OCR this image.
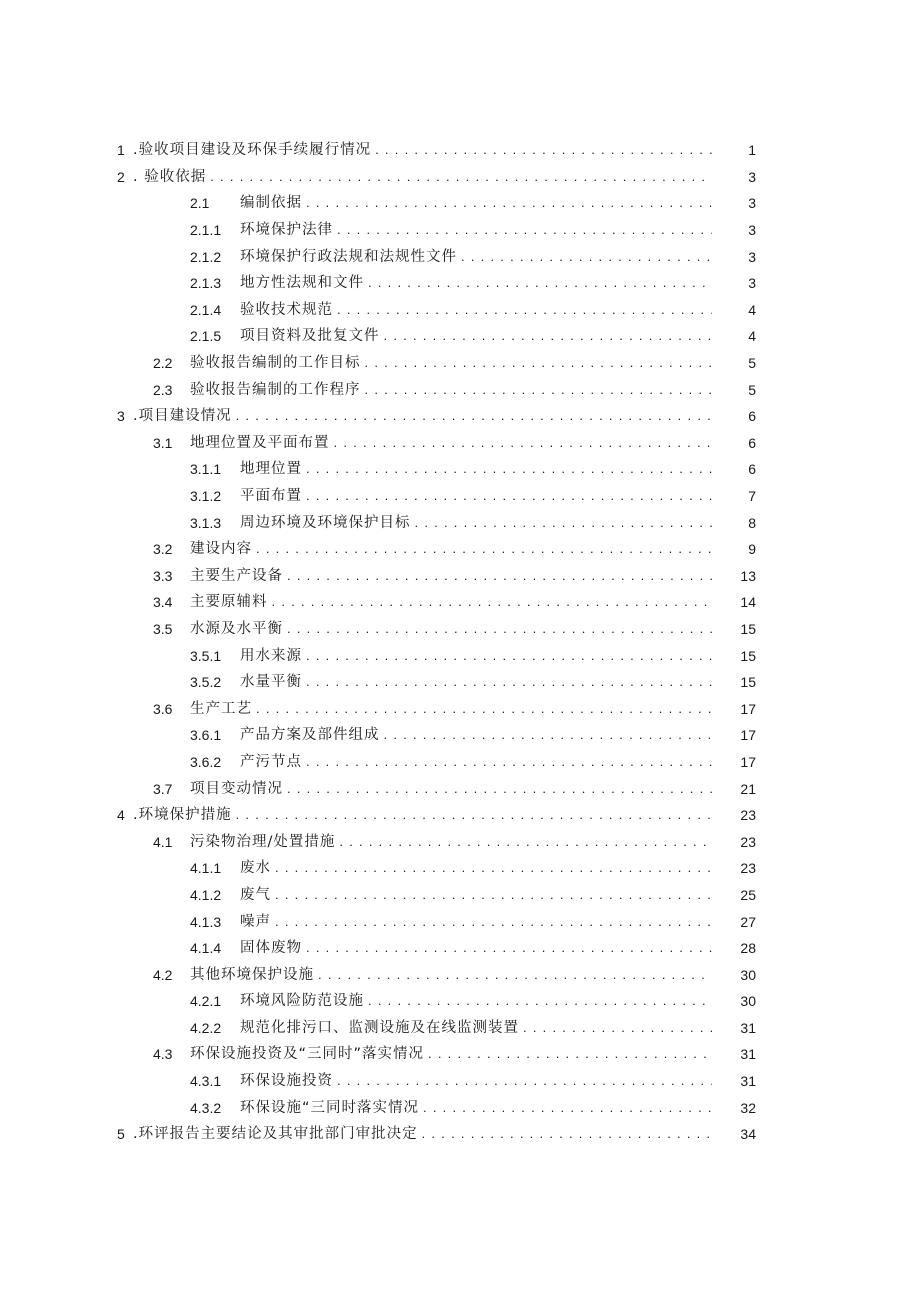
1 .验收项目建设及环保手续履行情况 . . .	1
2 . 验收依据 . . .	3
2.1	编制依据 . . .	3
2.1.1	环境保护法律 . . .	3
2.1.2	环境保护行政法规和法规性文件 . . .	3
2.1.3	地方性法规和文件 . . .	3
2.1.4	验收技术规范 . . .	4
2.1.5	项目资料及批复文件 . . .	4
2.2	验收报告编制的工作目标 . . .	5
2.3	验收报告编制的工作程序 . . .	5
3 .项目建设情况 . . .	6
3.1	地理位置及平面布置 . . .	6
3.1.1	地理位置 . . .	6
3.1.2	平面布置 . . .	7
3.1.3	周边环境及环境保护目标 . . .	8
3.2	建设内容 . . .	9
3.3	主要生产设备 . . .	13
3.4	主要原辅料 . . .	14
3.5	水源及水平衡 . . .	15
3.5.1	用水来源 . . .	15
3.5.2	水量平衡 . . .	15
3.6	生产工艺 . . .	17
3.6.1	产品方案及部件组成 . . .	17
3.6.2	产污节点 . . .	17
3.7	项目变动情况 . . .	21
4 .环境保护措施 . . .	23
4.1	污染物治理/处置措施 . . .	23
4.1.1	废水 . . .	23
4.1.2	废气 . . .	25
4.1.3	噪声 . . .	27
4.1.4	固体废物 . . .	28
4.2	其他环境保护设施 . . .	30
4.2.1	环境风险防范设施 . . .	30
4.2.2	规范化排污口、监测设施及在线监测装置 . . .	31
4.3	环保设施投资及“三同时”落实情况 . . .	31
4.3.1	环保设施投资 . . .	31
4.3.2	环保设施“三同时落实情况 . . .	32
5 .环评报告主要结论及其审批部门审批决定 . . .	34
